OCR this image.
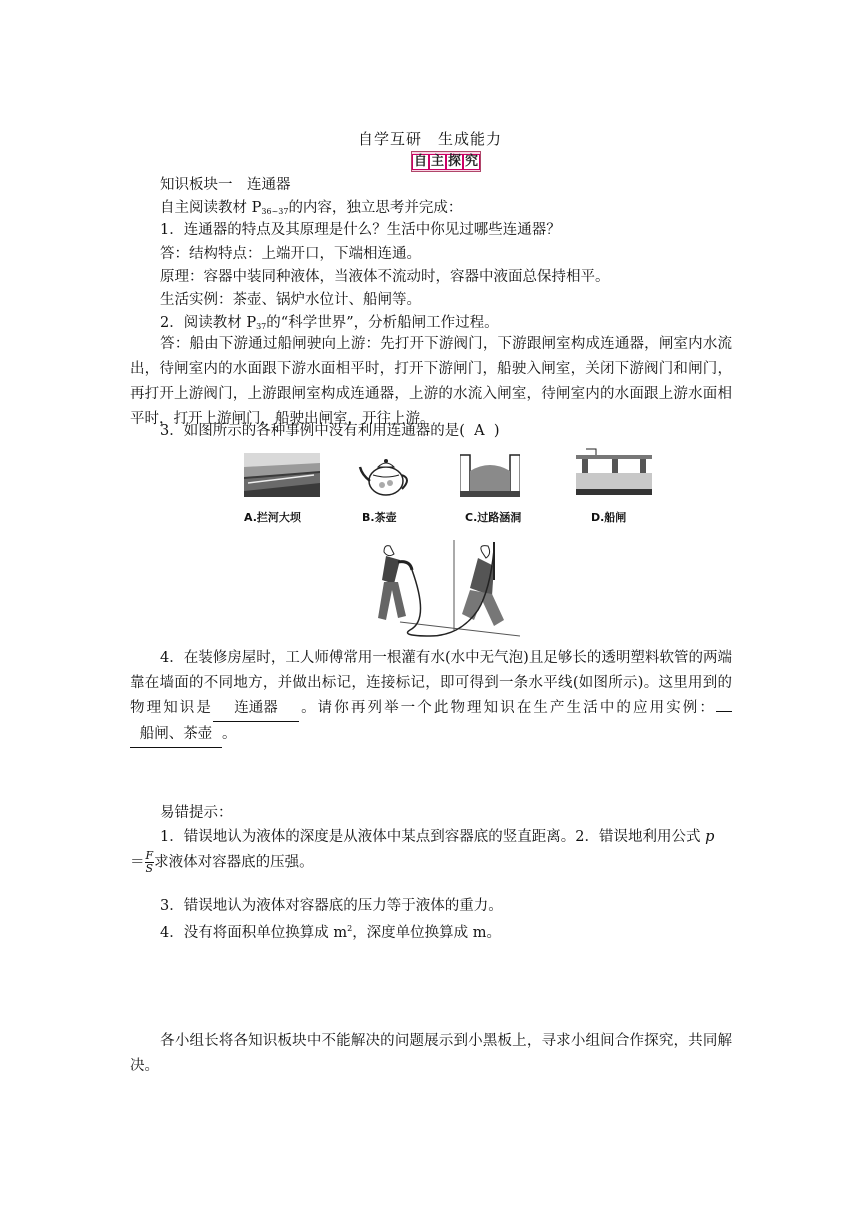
自学互研　生成能力
自 主 探 究
知识板块一　连通器
自主阅读教材 $P_{36\sim 37}$的内容，独立思考并完成：
1．连通器的特点及其原理是什么？生活中你见过哪些连通器？
答：结构特点：上端开口，下端相连通。
原理：容器中装同种液体，当液体不流动时，容器中液面总保持相平。
生活实例：茶壶、锅炉水位计、船闸等。
2．阅读教材 $P_{37}$的“科学世界”，分析船闸工作过程。
答：船由下游通过船闸驶向上游：先打开下游阀门，下游跟闸室构成连通器，闸室内水流出，待闸室内的水面跟下游水面相平时，打开下游闸门，船驶入闸室，关闭下游阀门和闸门，再打开上游阀门，上游跟闸室构成连通器，上游的水流入闸室，待闸室内的水面跟上游水面相平时，打开上游闸门，船驶出闸室，开往上游。
3．如图所示的各种事例中没有利用连通器的是( A )
A.拦河大坝	B.茶壶	C.过路涵洞	D.船闸
4．在装修房屋时，工人师傅常用一根灌有水(水中无气泡)且足够长的透明塑料软管的两端靠在墙面的不同地方，并做出标记，连接标记，即可得到一条水平线(如图所示)。这里用到的物理知识是 连通器 。请你再列举一个此物理知识在生产生活中的应用实例：船闸、茶壶 。
易错提示：
1．错误地认为液体的深度是从液体中某点到容器底的竖直距离。2．错误地利用公式 p
＝ $\frac{F}{S}$ 求液体对容器底的压强。
3．错误地认为液体对容器底的压力等于液体的重力。
4．没有将面积单位换算成 $m^2$，深度单位换算成 m。
各小组长将各知识板块中不能解决的问题展示到小黑板上，寻求小组间合作探究，共同解决。
